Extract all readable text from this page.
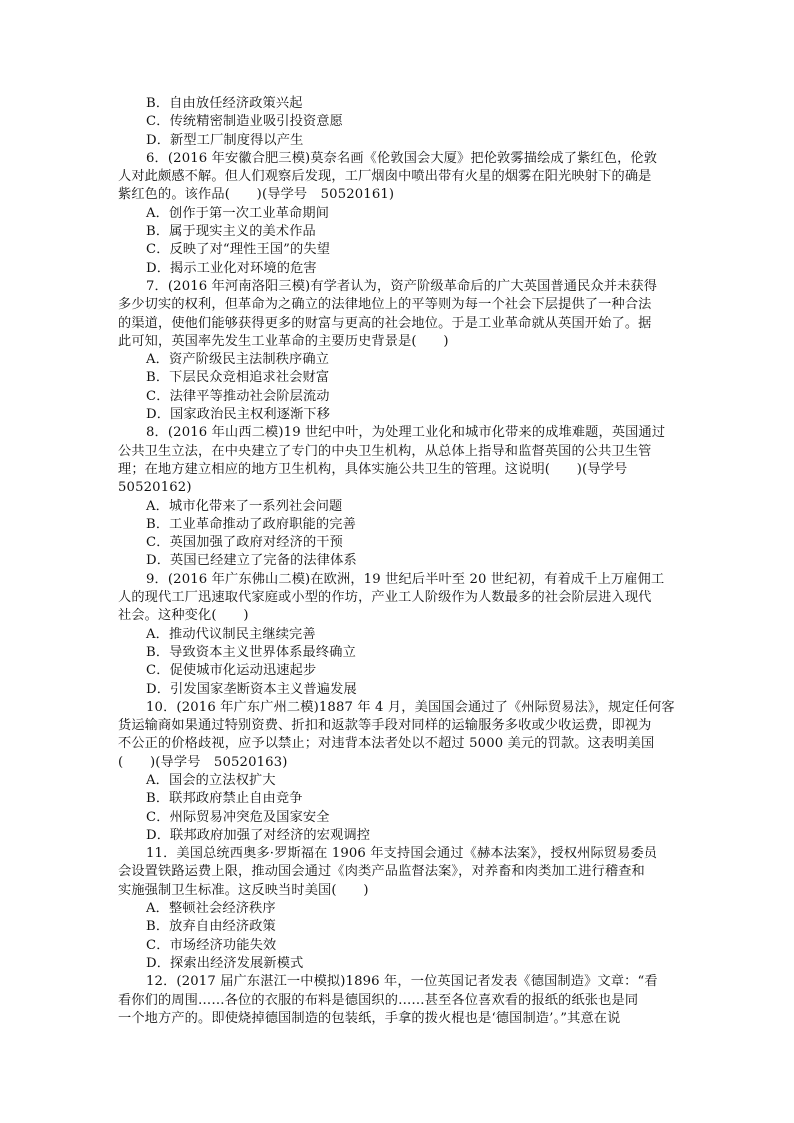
B．自由放任经济政策兴起
C．传统精密制造业吸引投资意愿
D．新型工厂制度得以产生
6．(2016 年安徽合肥三模)莫奈名画《伦敦国会大厦》把伦敦雾描绘成了紫红色，伦敦
人对此颇感不解。但人们观察后发现，工厂烟囱中喷出带有火星的烟雾在阳光映射下的确是
紫红色的。该作品(　　)(导学号　50520161)
A．创作于第一次工业革命期间
B．属于现实主义的美术作品
C．反映了对“理性王国”的失望
D．揭示工业化对环境的危害
7．(2016 年河南洛阳三模)有学者认为，资产阶级革命后的广大英国普通民众并未获得
多少切实的权利，但革命为之确立的法律地位上的平等则为每一个社会下层提供了一种合法
的渠道，使他们能够获得更多的财富与更高的社会地位。于是工业革命就从英国开始了。据
此可知，英国率先发生工业革命的主要历史背景是(　　)
A．资产阶级民主法制秩序确立
B．下层民众竞相追求社会财富
C．法律平等推动社会阶层流动
D．国家政治民主权利逐渐下移
8．(2016 年山西二模)19 世纪中叶，为处理工业化和城市化带来的成堆难题，英国通过
公共卫生立法，在中央建立了专门的中央卫生机构，从总体上指导和监督英国的公共卫生管
理；在地方建立相应的地方卫生机构，具体实施公共卫生的管理。这说明(　　)(导学号
50520162)
A．城市化带来了一系列社会问题
B．工业革命推动了政府职能的完善
C．英国加强了政府对经济的干预
D．英国已经建立了完备的法律体系
9．(2016 年广东佛山二模)在欧洲，19 世纪后半叶至 20 世纪初，有着成千上万雇佣工
人的现代工厂迅速取代家庭或小型的作坊，产业工人阶级作为人数最多的社会阶层进入现代
社会。这种变化(　　)
A．推动代议制民主继续完善
B．导致资本主义世界体系最终确立
C．促使城市化运动迅速起步
D．引发国家垄断资本主义普遍发展
10．(2016 年广东广州二模)1887 年 4 月，美国国会通过了《州际贸易法》，规定任何客
货运输商如果通过特别资费、折扣和返款等手段对同样的运输服务多收或少收运费，即视为
不公正的价格歧视，应予以禁止；对违背本法者处以不超过 5000 美元的罚款。这表明美国
(　　)(导学号　50520163)
A．国会的立法权扩大
B．联邦政府禁止自由竞争
C．州际贸易冲突危及国家安全
D．联邦政府加强了对经济的宏观调控
11．美国总统西奥多·罗斯福在 1906 年支持国会通过《赫本法案》，授权州际贸易委员
会设置铁路运费上限，推动国会通过《肉类产品监督法案》，对养畜和肉类加工进行稽查和
实施强制卫生标准。这反映当时美国(　　)
A．整顿社会经济秩序
B．放弃自由经济政策
C．市场经济功能失效
D．探索出经济发展新模式
12．(2017 届广东湛江一中模拟)1896 年，一位英国记者发表《德国制造》文章：“看
看你们的周围……各位的衣服的布料是德国织的……甚至各位喜欢看的报纸的纸张也是同
一个地方产的。即使烧掉德国制造的包装纸，手拿的拨火棍也是‘德国制造’。”其意在说
